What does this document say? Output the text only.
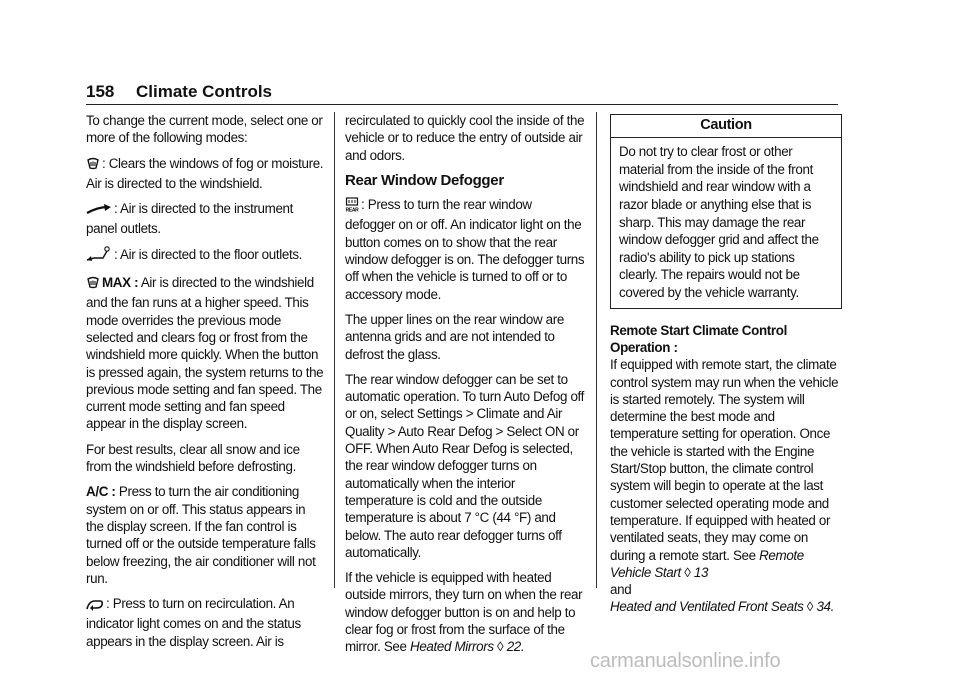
158 Climate Controls

To change the current mode, select one or more of the following modes:

: Clears the windows of fog or moisture. Air is directed to the windshield.

: Air is directed to the instrument panel outlets.

: Air is directed to the floor outlets.

MAX : Air is directed to the windshield and the fan runs at a higher speed. This mode overrides the previous mode selected and clears fog or frost from the windshield more quickly. When the button is pressed again, the system returns to the previous mode setting and fan speed. The current mode setting and fan speed appear in the display screen.

For best results, clear all snow and ice from the windshield before defrosting.

A/C : Press to turn the air conditioning system on or off. This status appears in the display screen. If the fan control is turned off or the outside temperature falls below freezing, the air conditioner will not run.

: Press to turn on recirculation. An indicator light comes on and the status appears in the display screen. Air is

recirculated to quickly cool the inside of the vehicle or to reduce the entry of outside air and odors.

Rear Window Defogger

REAR : Press to turn the rear window defogger on or off. An indicator light on the button comes on to show that the rear window defogger is on. The defogger turns off when the vehicle is turned to off or to accessory mode.

The upper lines on the rear window are antenna grids and are not intended to defrost the glass.

The rear window defogger can be set to automatic operation. To turn Auto Defog off or on, select Settings > Climate and Air Quality > Auto Rear Defog > Select ON or OFF. When Auto Rear Defog is selected, the rear window defogger turns on automatically when the interior temperature is cold and the outside temperature is about 7 °C (44 °F) and below. The auto rear defogger turns off automatically.

If the vehicle is equipped with heated outside mirrors, they turn on when the rear window defogger button is on and help to clear fog or frost from the surface of the mirror. See Heated Mirrors ◊ 22.

Caution
Do not try to clear frost or other material from the inside of the front windshield and rear window with a razor blade or anything else that is sharp. This may damage the rear window defogger grid and affect the radio's ability to pick up stations clearly. The repairs would not be covered by the vehicle warranty.
Remote Start Climate Control Operation :
If equipped with remote start, the climate control system may run when the vehicle is started remotely. The system will determine the best mode and temperature setting for operation. Once the vehicle is started with the Engine Start/Stop button, the climate control system will begin to operate at the last customer selected operating mode and temperature. If equipped with heated or ventilated seats, they may come on during a remote start. See Remote Vehicle Start ◊ 13
and
Heated and Ventilated Front Seats ◊ 34.
carmanualsonline.info
